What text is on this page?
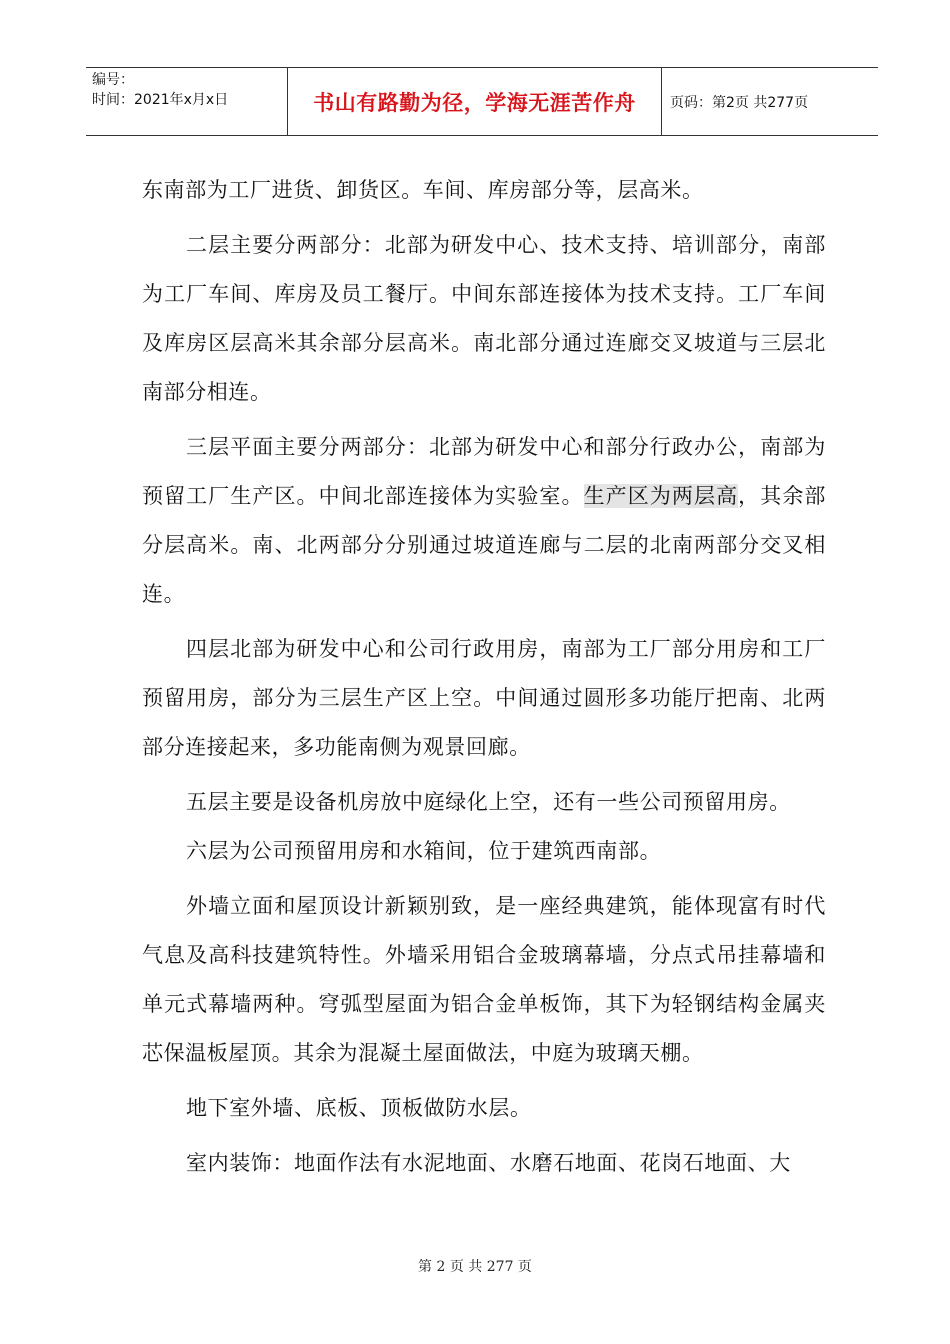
编号：
时间：2021年x月x日	书山有路勤为径，学海无涯苦作舟	页码：第2页 共277页

东南部为工厂进货、卸货区。车间、库房部分等，层高米。

二层主要分两部分：北部为研发中心、技术支持、培训部分，南部为工厂车间、库房及员工餐厅。中间东部连接体为技术支持。工厂车间及库房区层高米其余部分层高米。南北部分通过连廊交叉坡道与三层北南部分相连。

三层平面主要分两部分：北部为研发中心和部分行政办公，南部为预留工厂生产区。中间北部连接体为实验室。生产区为两层高，其余部分层高米。南、北两部分分别通过坡道连廊与二层的北南两部分交叉相连。

四层北部为研发中心和公司行政用房，南部为工厂部分用房和工厂预留用房，部分为三层生产区上空。中间通过圆形多功能厅把南、北两部分连接起来，多功能南侧为观景回廊。

五层主要是设备机房放中庭绿化上空，还有一些公司预留用房。

六层为公司预留用房和水箱间，位于建筑西南部。

外墙立面和屋顶设计新颖别致，是一座经典建筑，能体现富有时代气息及高科技建筑特性。外墙采用铝合金玻璃幕墙，分点式吊挂幕墙和单元式幕墙两种。穹弧型屋面为铝合金单板饰，其下为轻钢结构金属夹芯保温板屋顶。其余为混凝土屋面做法，中庭为玻璃天棚。

地下室外墙、底板、顶板做防水层。

室内装饰：地面作法有水泥地面、水磨石地面、花岗石地面、大

第 2 页 共 277 页
